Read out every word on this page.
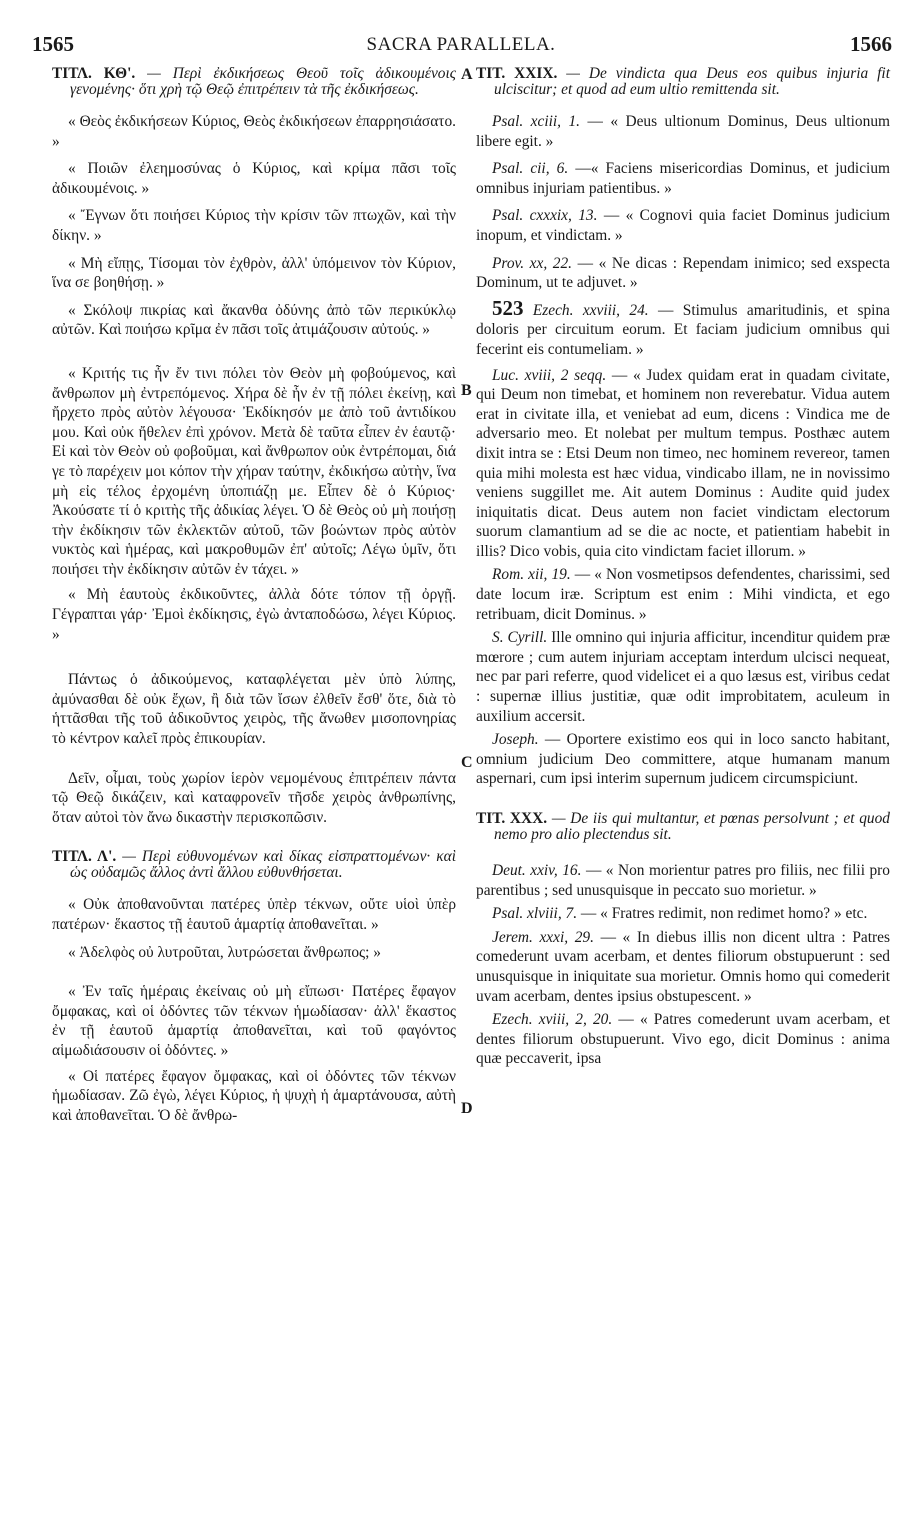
1565	SACRA PARALLELA.	1566
A
B
C
D

ΤΙΤΛ. ΚΘ'. — Περὶ ἐκδικήσεως Θεοῦ τοῖς ἀδικουμένοις γενομένης· ὅτι χρὴ τῷ Θεῷ ἐπιτρέπειν τὰ τῆς ἐκδικήσεως.

« Θεὸς ἐκδικήσεων Κύριος, Θεὸς ἐκδικήσεων ἐπαρρησιάσατο. »

« Ποιῶν ἐλεημοσύνας ὁ Κύριος, καὶ κρίμα πᾶσι τοῖς ἀδικουμένοις. »

« Ἔγνων ὅτι ποιήσει Κύριος τὴν κρίσιν τῶν πτωχῶν, καὶ τὴν δίκην. »

« Μὴ εἴπῃς, Τίσομαι τὸν ἐχθρὸν, ἀλλ' ὑπόμεινον τὸν Κύριον, ἵνα σε βοηθήσῃ. »

« Σκόλοψ πικρίας καὶ ἄκανθα ὀδύνης ἀπὸ τῶν περικύκλῳ αὐτῶν. Καὶ ποιήσω κρῖμα ἐν πᾶσι τοῖς ἀτιμάζουσιν αὐτούς. »

« Κριτής τις ἦν ἔν τινι πόλει τὸν Θεὸν μὴ φοβούμενος, καὶ ἄνθρωπον μὴ ἐντρεπόμενος. Χήρα δὲ ἦν ἐν τῇ πόλει ἐκείνῃ, καὶ ἤρχετο πρὸς αὐτὸν λέγουσα· Ἐκδίκησόν με ἀπὸ τοῦ ἀντιδίκου μου. Καὶ οὐκ ἤθελεν ἐπὶ χρόνον. Μετὰ δὲ ταῦτα εἶπεν ἐν ἑαυτῷ· Εἰ καὶ τὸν Θεὸν οὐ φοβοῦμαι, καὶ ἄνθρωπον οὐκ ἐντρέπομαι, διά γε τὸ παρέχειν μοι κόπον τὴν χήραν ταύτην, ἐκδικήσω αὐτὴν, ἵνα μὴ εἰς τέλος ἐρχομένη ὑποπιάζῃ με. Εἶπεν δὲ ὁ Κύριος· Ἀκούσατε τί ὁ κριτὴς τῆς ἀδικίας λέγει. Ὁ δὲ Θεὸς οὐ μὴ ποιήσῃ τὴν ἐκδίκησιν τῶν ἐκλεκτῶν αὐτοῦ, τῶν βοώντων πρὸς αὐτὸν νυκτὸς καὶ ἡμέρας, καὶ μακροθυμῶν ἐπ' αὐτοῖς; Λέγω ὑμῖν, ὅτι ποιήσει τὴν ἐκδίκησιν αὐτῶν ἐν τάχει. »

« Μὴ ἑαυτοὺς ἐκδικοῦντες, ἀλλὰ δότε τόπον τῇ ὀργῇ. Γέγραπται γάρ· Ἐμοὶ ἐκδίκησις, ἐγὼ ἀνταποδώσω, λέγει Κύριος. »

Πάντως ὁ ἀδικούμενος, καταφλέγεται μὲν ὑπὸ λύπης, ἀμύνασθαι δὲ οὐκ ἔχων, ἢ διὰ τῶν ἴσων ἐλθεῖν ἔσθ' ὅτε, διὰ τὸ ἡττᾶσθαι τῆς τοῦ ἀδικοῦντος χειρὸς, τῆς ἄνωθεν μισοπονηρίας τὸ κέντρον καλεῖ πρὸς ἐπικουρίαν.

Δεῖν, οἶμαι, τοὺς χωρίον ἱερὸν νεμομένους ἐπιτρέπειν πάντα τῷ Θεῷ δικάζειν, καὶ καταφρονεῖν τῆσδε χειρὸς ἀνθρωπίνης, ὅταν αὐτοὶ τὸν ἄνω δικαστὴν περισκοπῶσιν.

ΤΙΤΛ. Λ'. — Περὶ εὐθυνομένων καὶ δίκας εἰσπραττομένων· καὶ ὡς οὐδαμῶς ἄλλος ἀντὶ ἄλλου εὐθυνθήσεται.

« Οὐκ ἀποθανοῦνται πατέρες ὑπὲρ τέκνων, οὔτε υἱοὶ ὑπὲρ πατέρων· ἕκαστος τῇ ἑαυτοῦ ἁμαρτίᾳ ἀποθανεῖται. »

« Ἀδελφὸς οὐ λυτροῦται, λυτρώσεται ἄνθρωπος; »

« Ἐν ταῖς ἡμέραις ἐκείναις οὐ μὴ εἴπωσι· Πατέρες ἔφαγον ὄμφακας, καὶ οἱ ὀδόντες τῶν τέκνων ἡμωδίασαν· ἀλλ' ἕκαστος ἐν τῇ ἑαυτοῦ ἁμαρτίᾳ ἀποθανεῖται, καὶ τοῦ φαγόντος αἱμωδιάσουσιν οἱ ὀδόντες. »

« Οἱ πατέρες ἔφαγον ὄμφακας, καὶ οἱ ὀδόντες τῶν τέκνων ἡμωδίασαν. Ζῶ ἐγὼ, λέγει Κύριος, ἡ ψυχὴ ἡ ἁμαρτάνουσα, αὐτὴ καὶ ἀποθανεῖται. Ὁ δὲ ἄνθρω-

TIT. XXIX. — De vindicta qua Deus eos quibus injuria fit ulciscitur; et quod ad eum ultio remittenda sit.

Psal. xciii, 1. — « Deus ultionum Dominus, Deus ultionum libere egit. »

Psal. cii, 6. —« Faciens misericordias Dominus, et judicium omnibus injuriam patientibus. »

Psal. cxxxix, 13. — « Cognovi quia faciet Dominus judicium inopum, et vindictam. »

Prov. xx, 22. — « Ne dicas : Rependam inimico; sed exspecta Dominum, ut te adjuvet. »

523 Ezech. xxviii, 24. — Stimulus amaritudinis, et spina doloris per circuitum eorum. Et faciam judicium omnibus qui fecerint eis contumeliam. »

Luc. xviii, 2 seqq. — « Judex quidam erat in quadam civitate, qui Deum non timebat, et hominem non reverebatur. Vidua autem erat in civitate illa, et veniebat ad eum, dicens : Vindica me de adversario meo. Et nolebat per multum tempus. Posthæc autem dixit intra se : Etsi Deum non timeo, nec hominem revereor, tamen quia mihi molesta est hæc vidua, vindicabo illam, ne in novissimo veniens suggillet me. Ait autem Dominus : Audite quid judex iniquitatis dicat. Deus autem non faciet vindictam electorum suorum clamantium ad se die ac nocte, et patientiam habebit in illis? Dico vobis, quia cito vindictam faciet illorum. »

Rom. xii, 19. — « Non vosmetipsos defendentes, charissimi, sed date locum iræ. Scriptum est enim : Mihi vindicta, et ego retribuam, dicit Dominus. »

S. Cyrill. Ille omnino qui injuria afficitur, incenditur quidem præ mœrore ; cum autem injuriam acceptam interdum ulcisci nequeat, nec par pari referre, quod videlicet ei a quo læsus est, viribus cedat : supernæ illius justitiæ, quæ odit improbitatem, aculeum in auxilium accersit.

Joseph. — Oportere existimo eos qui in loco sancto habitant, omnium judicium Deo committere, atque humanam manum aspernari, cum ipsi interim supernum judicem circumspiciunt.

TIT. XXX. — De iis qui multantur, et pœnas persolvunt ; et quod nemo pro alio plectendus sit.

Deut. xxiv, 16. — « Non morientur patres pro filiis, nec filii pro parentibus ; sed unusquisque in peccato suo morietur. »

Psal. xlviii, 7. — « Fratres redimit, non redimet homo? » etc.

Jerem. xxxi, 29. — « In diebus illis non dicent ultra : Patres comederunt uvam acerbam, et dentes filiorum obstupuerunt : sed unusquisque in iniquitate sua morietur. Omnis homo qui comederit uvam acerbam, dentes ipsius obstupescent. »

Ezech. xviii, 2, 20. — « Patres comederunt uvam acerbam, et dentes filiorum obstupuerunt. Vivo ego, dicit Dominus : anima quæ peccaverit, ipsa
